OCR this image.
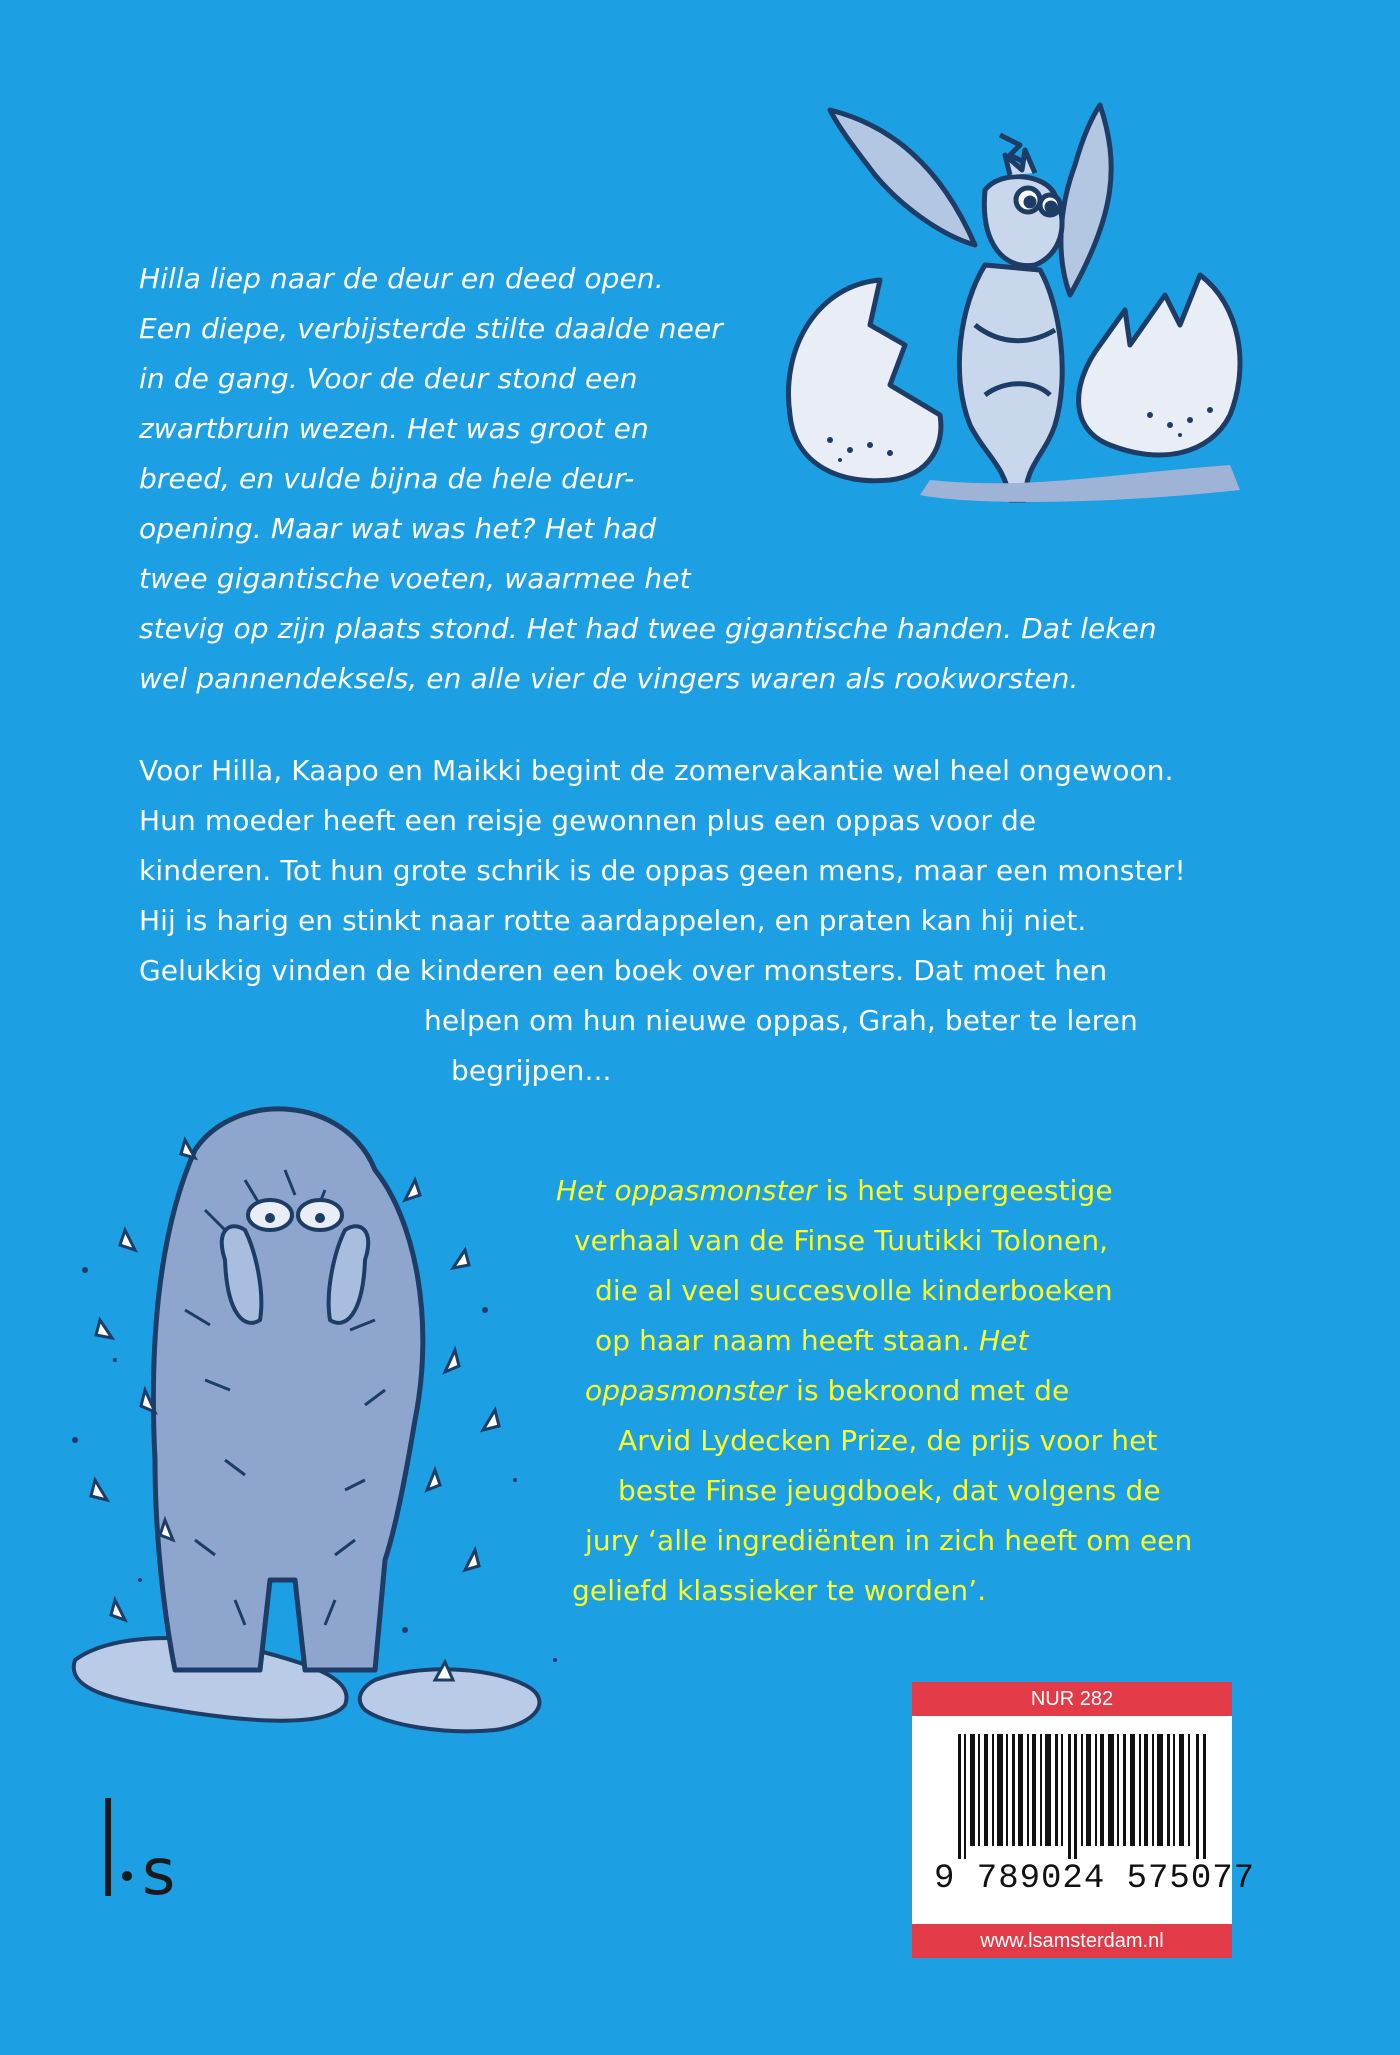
Hilla liep naar de deur en deed open.
Een diepe, verbijsterde stilte daalde neer
in de gang. Voor de deur stond een
zwartbruin wezen. Het was groot en
breed, en vulde bijna de hele deur-
opening. Maar wat was het? Het had
twee gigantische voeten, waarmee het
stevig op zijn plaats stond. Het had twee gigantische handen. Dat leken
wel pannendeksels, en alle vier de vingers waren als rookworsten.
Voor Hilla, Kaapo en Maikki begint de zomervakantie wel heel ongewoon.
Hun moeder heeft een reisje gewonnen plus een oppas voor de
kinderen. Tot hun grote schrik is de oppas geen mens, maar een monster!
Hij is harig en stinkt naar rotte aardappelen, en praten kan hij niet.
Gelukkig vinden de kinderen een boek over monsters. Dat moet hen
helpen om hun nieuwe oppas, Grah, beter te leren
begrijpen...
Het oppasmonster is het supergeestige
verhaal van de Finse Tuutikki Tolonen,
die al veel succesvolle kinderboeken
op haar naam heeft staan. Het
oppasmonster is bekroond met de
Arvid Lydecken Prize, de prijs voor het
beste Finse jeugdboek, dat volgens de
jury ‘alle ingrediënten in zich heeft om een
geliefd klassieker te worden’.
s
NUR 282
9 789024 575077
www.lsamsterdam.nl
